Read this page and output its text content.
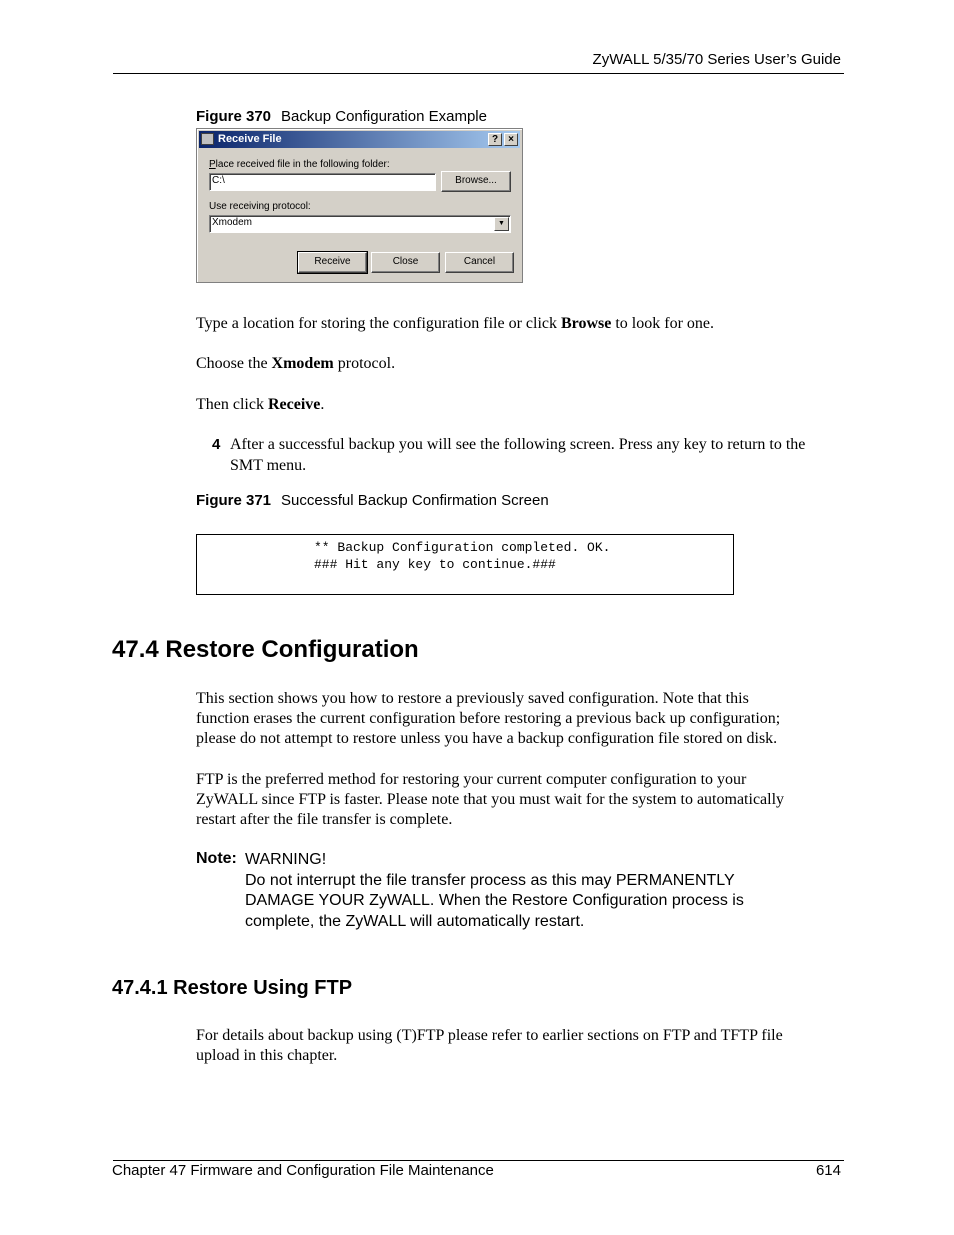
ZyWALL 5/35/70 Series User’s Guide
Figure 370 Backup Configuration Example
Receive File	?	×
Place received file in the following folder:
C:\	Browse...
Use receiving protocol:
Xmodem	▼
Receive	Close	Cancel
Type a location for storing the configuration file or click Browse to look for one.
Choose the Xmodem protocol.
Then click Receive.
4 After a successful backup you will see the following screen. Press any key to return to the
SMT menu.
Figure 371 Successful Backup Confirmation Screen
** Backup Configuration completed. OK.
### Hit any key to continue.###
47.4 Restore Configuration
This section shows you how to restore a previously saved configuration. Note that this
function erases the current configuration before restoring a previous back up configuration;
please do not attempt to restore unless you have a backup configuration file stored on disk.
FTP is the preferred method for restoring your current computer configuration to your
ZyWALL since FTP is faster. Please note that you must wait for the system to automatically
restart after the file transfer is complete.
Note: WARNING!
Do not interrupt the file transfer process as this may PERMANENTLY
DAMAGE YOUR ZyWALL. When the Restore Configuration process is
complete, the ZyWALL will automatically restart.
47.4.1 Restore Using FTP
For details about backup using (T)FTP please refer to earlier sections on FTP and TFTP file
upload in this chapter.
Chapter 47 Firmware and Configuration File Maintenance	614
